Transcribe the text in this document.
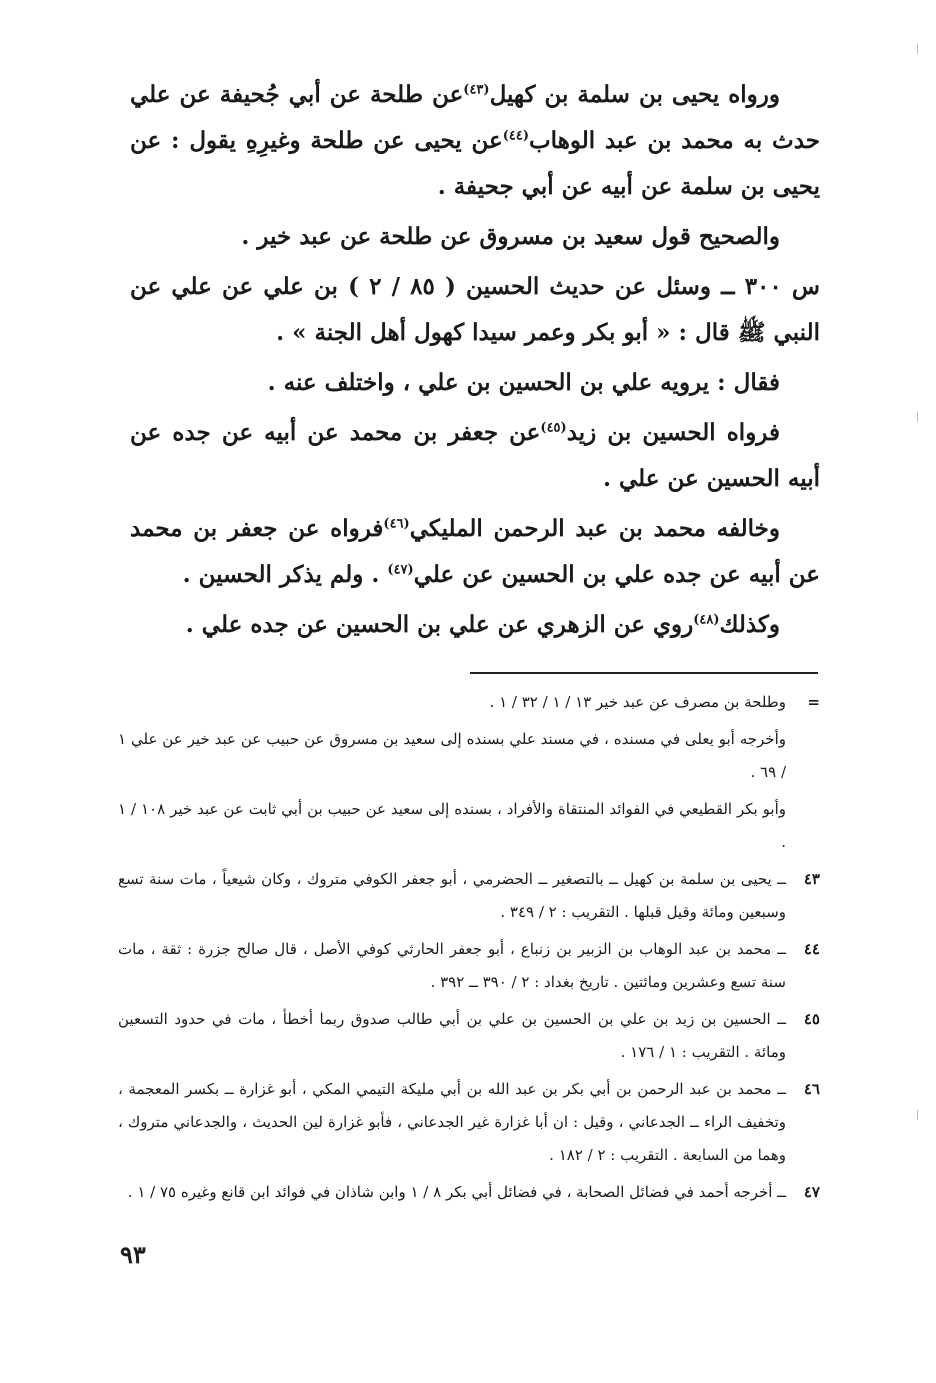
ورواه يحيى بن سلمة بن كهيل$^{(٤٣)}$عن طلحة عن أبي جُحيفة عن علي حدث به محمد بن عبد الوهاب$^{(٤٤)}$عن يحيى عن طلحة وغيرِهِ يقول : عن يحيى بن سلمة عن أبيه عن أبي جحيفة .

والصحيح قول سعيد بن مسروق عن طلحة عن عبد خير .

س ٣٠٠ ــ وسئل عن حديث الحسين ( ٨٥ / ٢ ) بن علي عن علي عن النبي ﷺ قال : « أبو بكر وعمر سيدا كهول أهل الجنة » .

فقال : يرويه علي بن الحسين بن علي ، واختلف عنه .

فرواه الحسين بن زيد$^{(٤٥)}$عن جعفر بن محمد عن أبيه عن جده عن أبيه الحسين عن علي .

وخالفه محمد بن عبد الرحمن المليكي$^{(٤٦)}$فرواه عن جعفر بن محمد عن أبيه عن جده علي بن الحسين عن علي$^{(٤٧)}$ . ولم يذكر الحسين .

وكذلك$^{(٤٨)}$روي عن الزهري عن علي بن الحسين عن جده علي .

=
وطلحة بن مصرف عن عبد خير ١٣ / ١ / ٣٢ / ١ .
وأخرجه أبو يعلى في مسنده ، في مسند علي بسنده إلى سعيد بن مسروق عن حبيب عن عبد خير عن علي ١ / ٦٩ .
وأبو بكر القطيعي في الفوائد المنتقاة والأفراد ، بسنده إلى سعيد عن حبيب بن أبي ثابت عن عبد خير ١٠٨ / ١ .
٤٣
ــ يحيى بن سلمة بن كهيل ــ بالتصغير ــ الحضرمي ، أبو جعفر الكوفي متروك ، وكان شيعياً ، مات سنة تسع وسبعين ومائة وقيل قبلها . التقريب : ٢ / ٣٤٩ .
٤٤
ــ محمد بن عبد الوهاب بن الزبير بن زنباع ، أبو جعفر الحارثي كوفي الأصل ، قال صالح جزرة : ثقة ، مات سنة تسع وعشرين ومائتين . تاريخ بغداد : ٢ / ٣٩٠ ــ ٣٩٢ .
٤٥
ــ الحسين بن زيد بن علي بن الحسين بن علي بن أبي طالب صدوق ربما أخطأ ، مات في حدود التسعين ومائة . التقريب : ١ / ١٧٦ .
٤٦
ــ محمد بن عبد الرحمن بن أبي بكر بن عبد الله بن أبي مليكة التيمي المكي ، أبو غزارة ــ بكسر المعجمة ، وتخفيف الراء ــ الجدعاني ، وقيل : ان أبا غزارة غير الجدعاني ، فأبو غزارة لين الحديث ، والجدعاني متروك ، وهما من السابعة . التقريب : ٢ / ١٨٢ .
٤٧
ــ أخرجه أحمد في فضائل الصحابة ، في فضائل أبي بكر ٨ / ١ وابن شاذان في فوائد ابن قانع وغيره ٧٥ / ١ .
٩٣
